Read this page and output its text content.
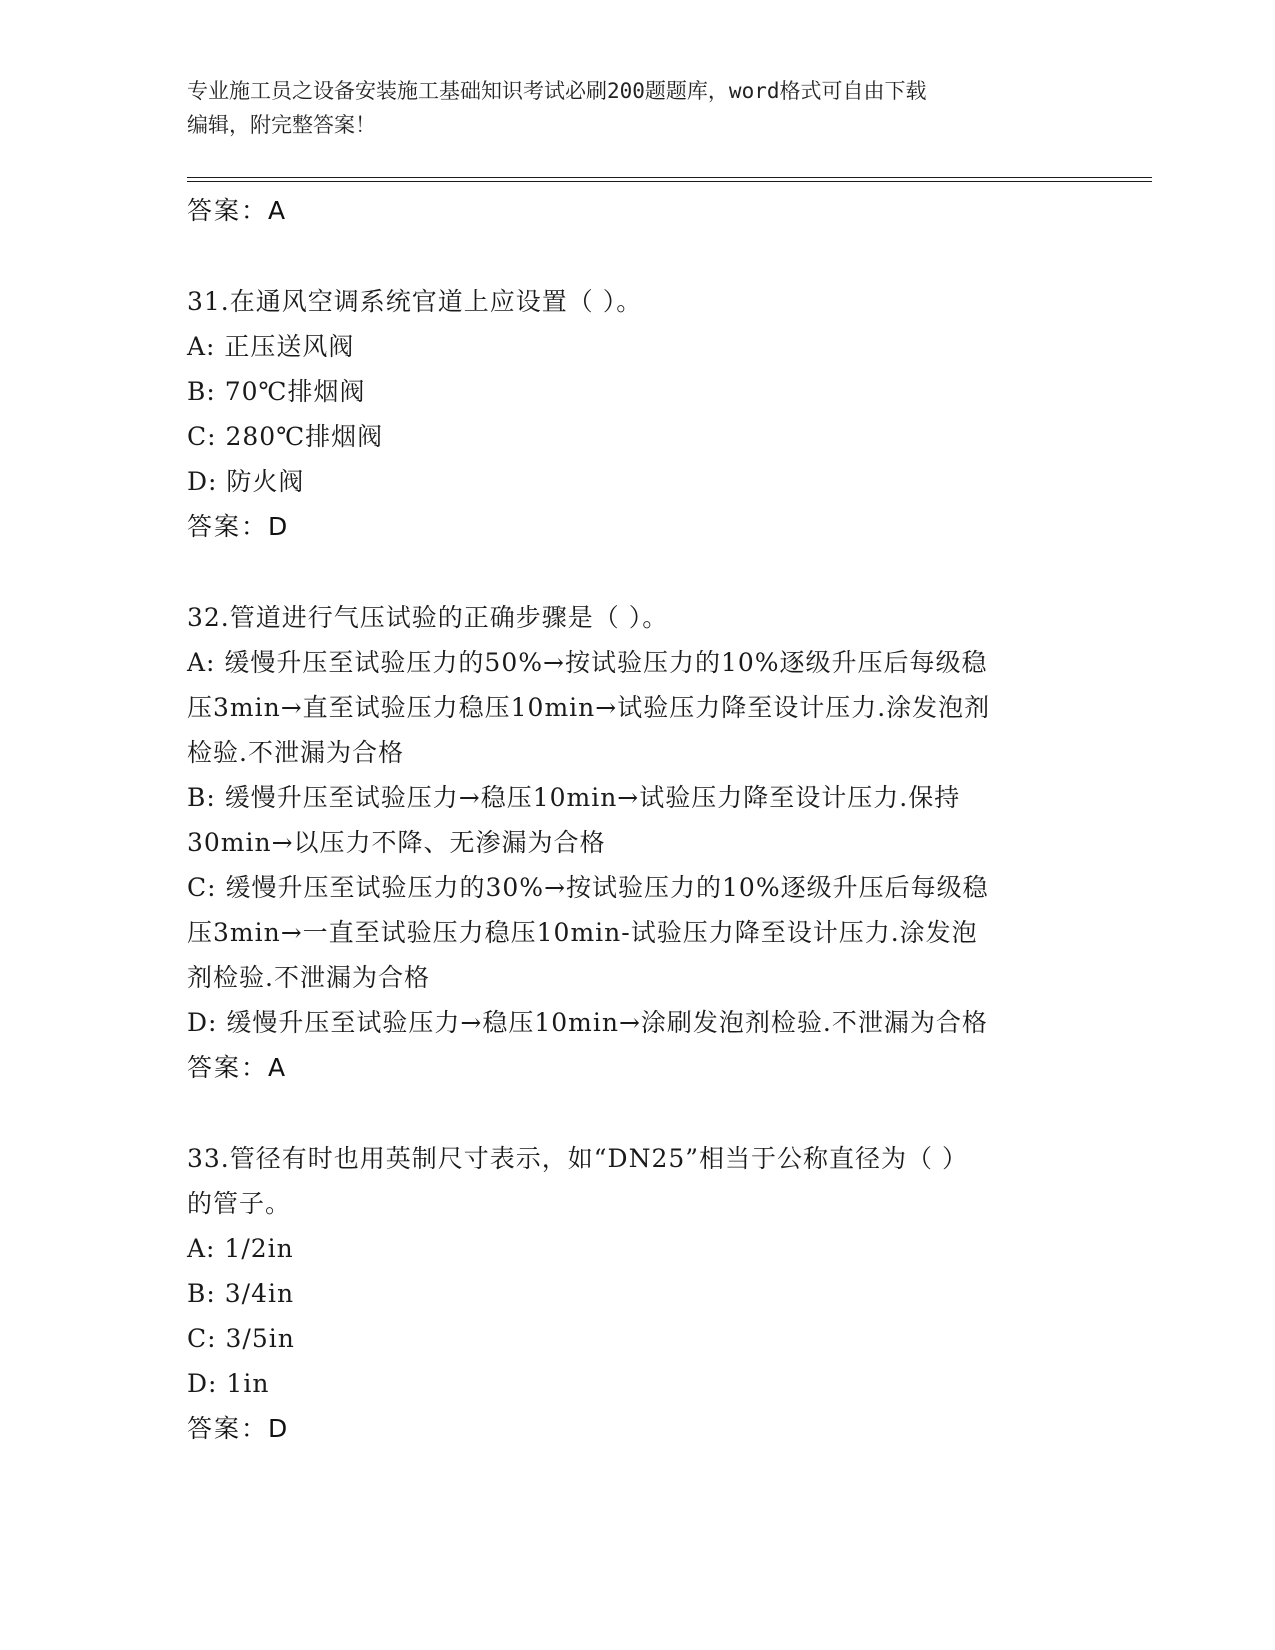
专业施工员之设备安装施工基础知识考试必刷200题题库，word格式可自由下载
编辑，附完整答案！
答案：A
31.在通风空调系统官道上应设置（ ）。
A: 正压送风阀
B: 70℃排烟阀
C: 280℃排烟阀
D: 防火阀
答案：D
32.管道进行气压试验的正确步骤是（ ）。
A: 缓慢升压至试验压力的50%→按试验压力的10%逐级升压后每级稳
压3min→直至试验压力稳压10min→试验压力降至设计压力.涂发泡剂
检验.不泄漏为合格
B: 缓慢升压至试验压力→稳压10min→试验压力降至设计压力.保持
30min→以压力不降、无渗漏为合格
C: 缓慢升压至试验压力的30%→按试验压力的10%逐级升压后每级稳
压3min→一直至试验压力稳压10min-试验压力降至设计压力.涂发泡
剂检验.不泄漏为合格
D: 缓慢升压至试验压力→稳压10min→涂刷发泡剂检验.不泄漏为合格
答案：A
33.管径有时也用英制尺寸表示，如“DN25”相当于公称直径为（ ）
的管子。
A: 1/2in
B: 3/4in
C: 3/5in
D: 1in
答案：D
